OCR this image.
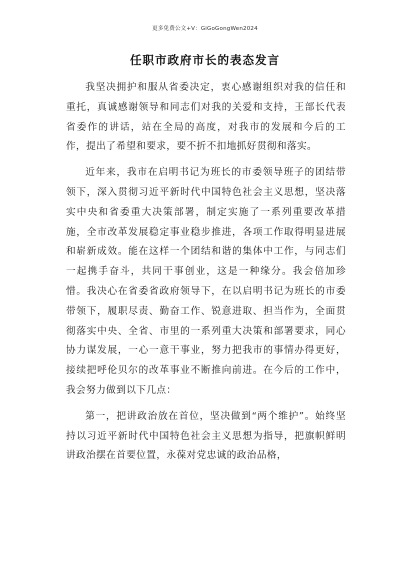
更多免费公文+V：GiGoGongWen2024
任职市政府市长的表态发言

我坚决拥护和服从省委决定，衷心感谢组织对我的信任和重托，真诚感谢领导和同志们对我的关爱和支持，王部长代表省委作的讲话，站在全局的高度，对我市的发展和今后的工作，提出了希望和要求，要不折不扣地抓好贯彻和落实。

近年来，我市在启明书记为班长的市委领导班子的团结带领下，深入贯彻习近平新时代中国特色社会主义思想，坚决落实中央和省委重大决策部署，制定实施了一系列重要改革措施，全市改革发展稳定事业稳步推进，各项工作取得明显进展和崭新成效。能在这样一个团结和谐的集体中工作，与同志们一起携手奋斗，共同干事创业，这是一种缘分。我会倍加珍惜。我决心在省委省政府领导下，在以启明书记为班长的市委带领下，履职尽责、勤奋工作、锐意进取、担当作为，全面贯彻落实中央、全省、市里的一系列重大决策和部署要求，同心协力谋发展，一心一意干事业，努力把我市的事情办得更好，接续把呼伦贝尔的改革事业不断推向前进。在今后的工作中，我会努力做到以下几点：

第一，把讲政治放在首位，坚决做到“两个维护”。始终坚持以习近平新时代中国特色社会主义思想为指导，把旗帜鲜明讲政治摆在首要位置，永葆对党忠诚的政治品格，
